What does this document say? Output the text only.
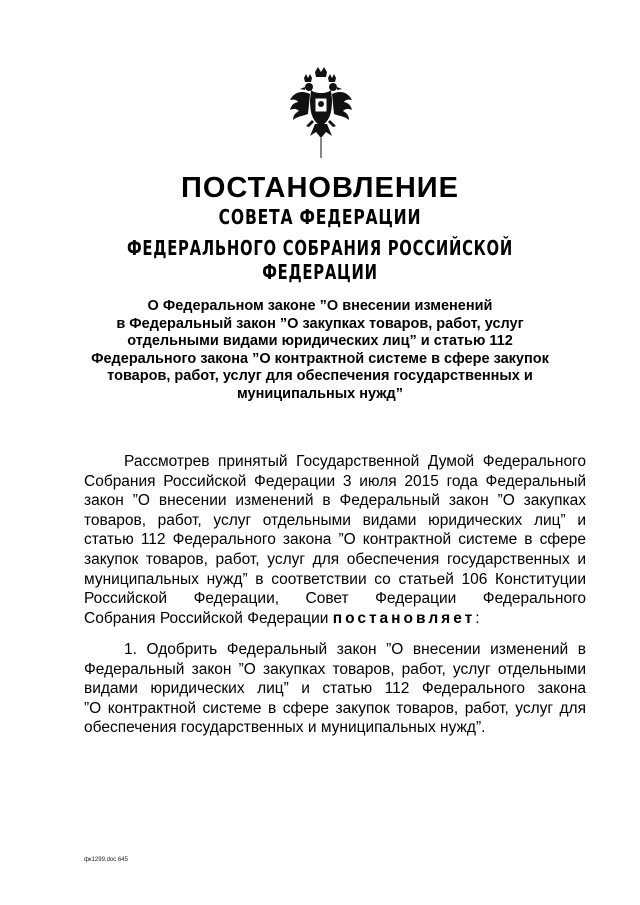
ПОСТАНОВЛЕНИЕ
СОВЕТА ФЕДЕРАЦИИ
ФЕДЕРАЛЬНОГО СОБРАНИЯ РОССИЙСКОЙ ФЕДЕРАЦИИ
О Федеральном законе ”О внесении изменений
в Федеральный закон ”О закупках товаров, работ, услуг
отдельными видами юридических лиц” и статью 112
Федерального закона ”О контрактной системе в сфере закупок
товаров, работ, услуг для обеспечения государственных и
муниципальных нужд”
Рассмотрев принятый Государственной Думой Федерального
Собрания Российской Федерации 3 июля 2015 года Федеральный
закон ”О внесении изменений в Федеральный закон ”О закупках
товаров, работ, услуг отдельными видами юридических лиц” и
статью 112 Федерального закона ”О контрактной системе в сфере
закупок товаров, работ, услуг для обеспечения государственных и
муниципальных нужд” в соответствии со статьей 106 Конституции
Российской Федерации, Совет Федерации Федерального
Собрания Российской Федерации постановляет:
1. Одобрить Федеральный закон ”О внесении изменений в
Федеральный закон ”О закупках товаров, работ, услуг отдельными
видами юридических лиц” и статью 112 Федерального закона
”О контрактной системе в сфере закупок товаров, работ, услуг для
обеспечения государственных и муниципальных нужд”.
фк1299.doc 645
